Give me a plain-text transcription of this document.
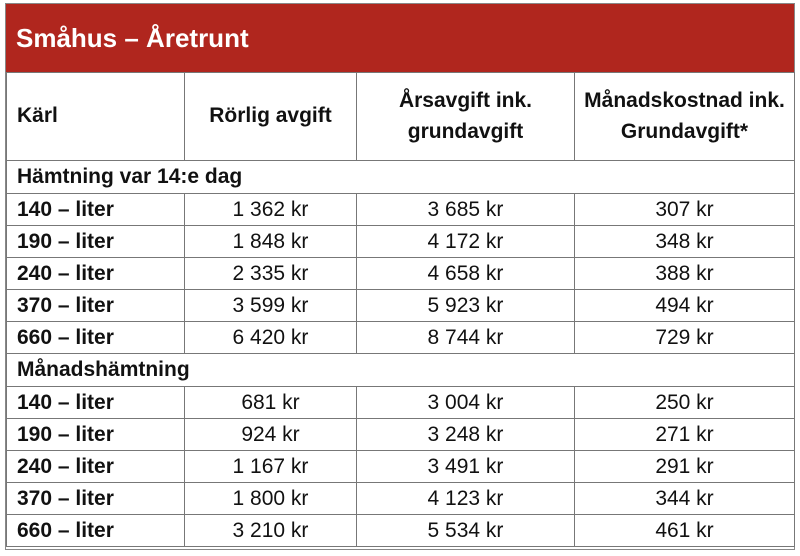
Småhus – Åretrunt
Kärl	Rörlig avgift	Årsavgift ink. grundavgift	Månadskostnad ink. Grundavgift*
Hämtning var 14:e dag			
140 – liter	1 362 kr	3 685 kr	307 kr
190 – liter	1 848 kr	4 172 kr	348 kr
240 – liter	2 335 kr	4 658 kr	388 kr
370 – liter	3 599 kr	5 923 kr	494 kr
660 – liter	6 420 kr	8 744 kr	729 kr
Månadshämtning			
140 – liter	681 kr	3 004 kr	250 kr
190 – liter	924 kr	3 248 kr	271 kr
240 – liter	1 167 kr	3 491 kr	291 kr
370 – liter	1 800 kr	4 123 kr	344 kr
660 – liter	3 210 kr	5 534 kr	461 kr
